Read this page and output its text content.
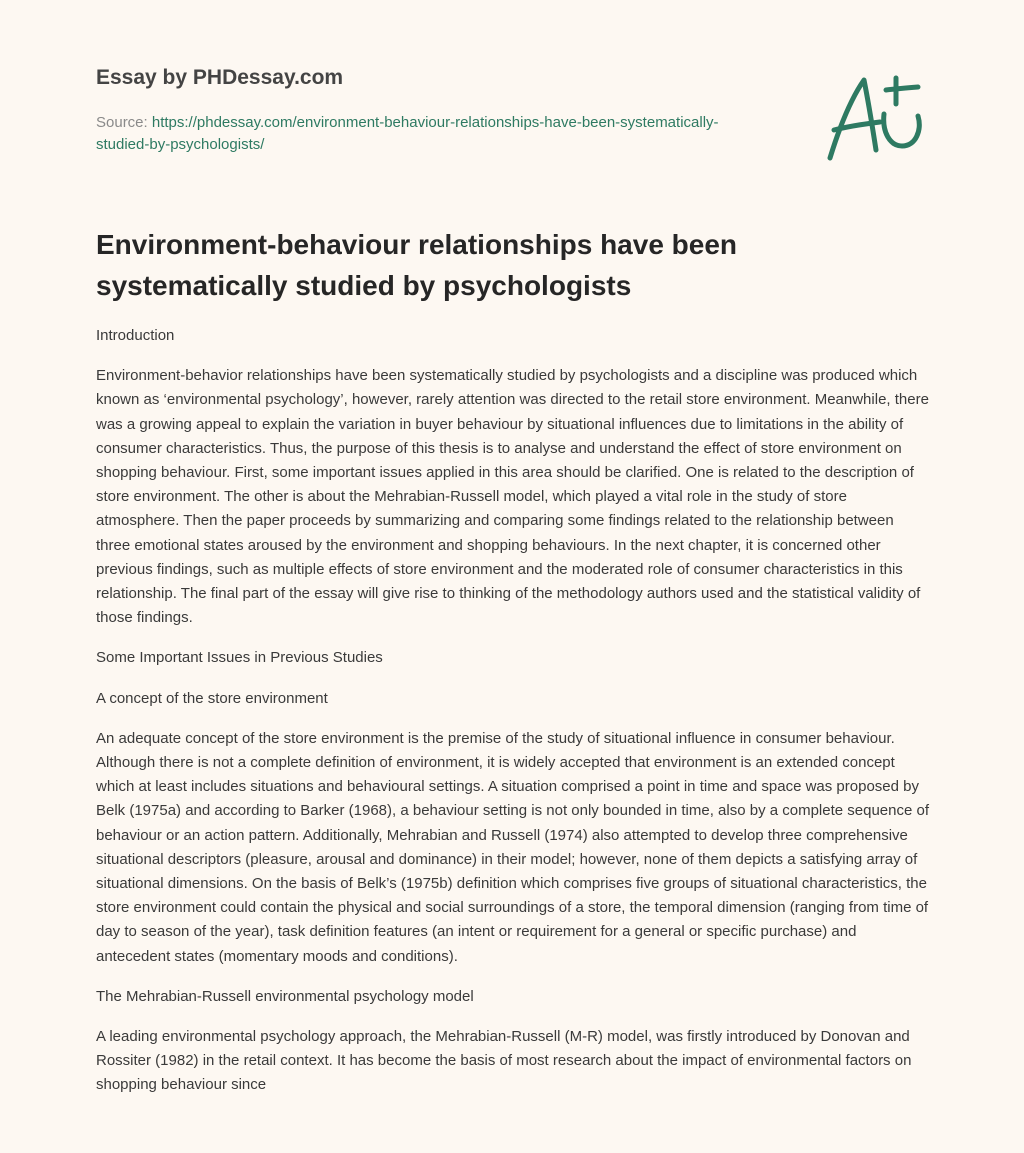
Essay by PHDessay.com
Source: https://phdessay.com/environment-behaviour-relationships-have-been-systematically-studied-by-psychologists/
Environment-behaviour relationships have been systematically studied by psychologists

Introduction

Environment-behavior relationships have been systematically studied by psychologists and a discipline was produced which known as ‘environmental psychology’, however, rarely attention was directed to the retail store environment. Meanwhile, there was a growing appeal to explain the variation in buyer behaviour by situational influences due to limitations in the ability of consumer characteristics. Thus, the purpose of this thesis is to analyse and understand the effect of store environment on shopping behaviour. First, some important issues applied in this area should be clarified. One is related to the description of store environment. The other is about the Mehrabian-Russell model, which played a vital role in the study of store atmosphere. Then the paper proceeds by summarizing and comparing some findings related to the relationship between three emotional states aroused by the environment and shopping behaviours. In the next chapter, it is concerned other previous findings, such as multiple effects of store environment and the moderated role of consumer characteristics in this relationship. The final part of the essay will give rise to thinking of the methodology authors used and the statistical validity of those findings.

Some Important Issues in Previous Studies

A concept of the store environment

An adequate concept of the store environment is the premise of the study of situational influence in consumer behaviour. Although there is not a complete definition of environment, it is widely accepted that environment is an extended concept which at least includes situations and behavioural settings. A situation comprised a point in time and space was proposed by Belk (1975a) and according to Barker (1968), a behaviour setting is not only bounded in time, also by a complete sequence of behaviour or an action pattern. Additionally, Mehrabian and Russell (1974) also attempted to develop three comprehensive situational descriptors (pleasure, arousal and dominance) in their model; however, none of them depicts a satisfying array of situational dimensions. On the basis of Belk’s (1975b) definition which comprises five groups of situational characteristics, the store environment could contain the physical and social surroundings of a store, the temporal dimension (ranging from time of day to season of the year), task definition features (an intent or requirement for a general or specific purchase) and antecedent states (momentary moods and conditions).

The Mehrabian-Russell environmental psychology model

A leading environmental psychology approach, the Mehrabian-Russell (M-R) model, was firstly introduced by Donovan and Rossiter (1982) in the retail context. It has become the basis of most research about the impact of environmental factors on shopping behaviour since
